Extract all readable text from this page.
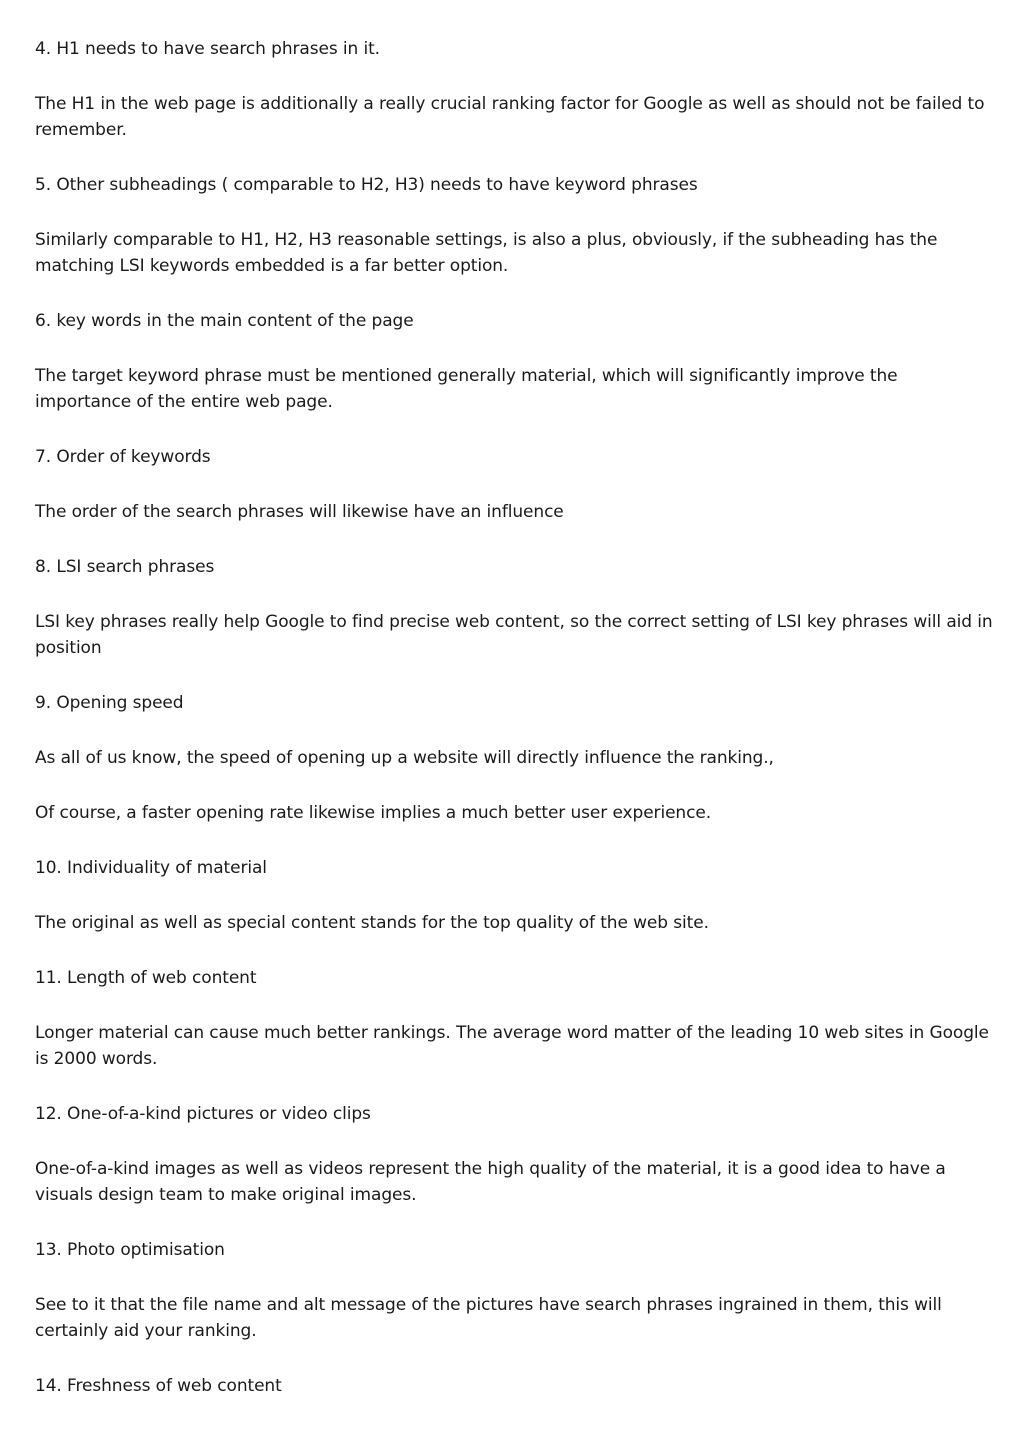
4. H1 needs to have search phrases in it.

The H1 in the web page is additionally a really crucial ranking factor for Google as well as should not be failed to remember.

5. Other subheadings ( comparable to H2, H3) needs to have keyword phrases

Similarly comparable to H1, H2, H3 reasonable settings, is also a plus, obviously, if the subheading has the matching LSI keywords embedded is a far better option.

6. key words in the main content of the page

The target keyword phrase must be mentioned generally material, which will significantly improve the importance of the entire web page.

7. Order of keywords

The order of the search phrases will likewise have an influence

8. LSI search phrases

LSI key phrases really help Google to find precise web content, so the correct setting of LSI key phrases will aid in position

9. Opening speed

As all of us know, the speed of opening up a website will directly influence the ranking.,

Of course, a faster opening rate likewise implies a much better user experience.

10. Individuality of material

The original as well as special content stands for the top quality of the web site.

11. Length of web content

Longer material can cause much better rankings. The average word matter of the leading 10 web sites in Google is 2000 words.

12. One-of-a-kind pictures or video clips

One-of-a-kind images as well as videos represent the high quality of the material, it is a good idea to have a visuals design team to make original images.

13. Photo optimisation

See to it that the file name and alt message of the pictures have search phrases ingrained in them, this will certainly aid your ranking.

14. Freshness of web content
